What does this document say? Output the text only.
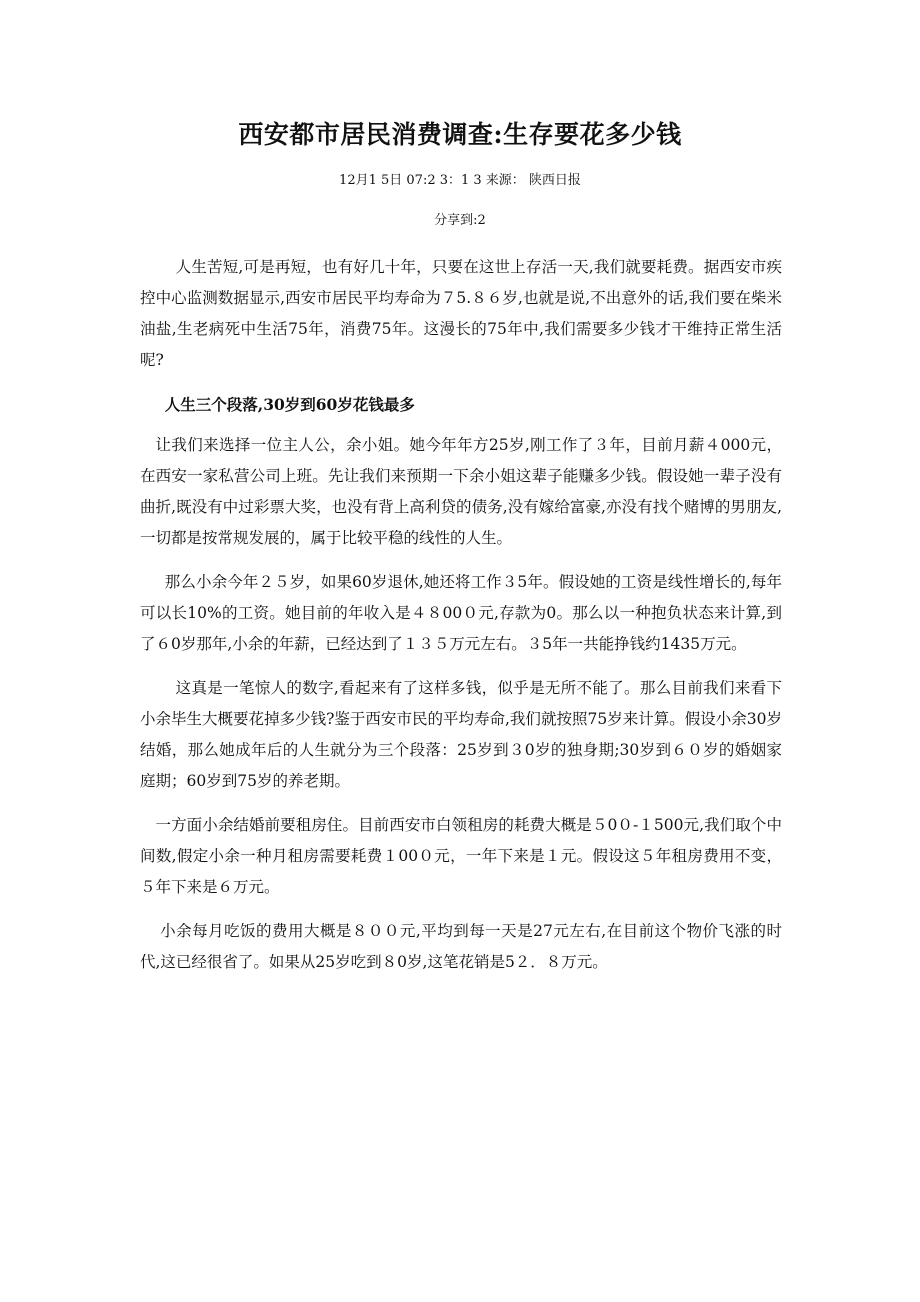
西安都市居民消费调查:生存要花多少钱
12月1 5日 07:2 3：1 3 来源： 陕西日报
分享到:2

人生苦短,可是再短，也有好几十年，只要在这世上存活一天,我们就要耗费。据西安市疾控中心监测数据显示,西安市居民平均寿命为７5.８６岁,也就是说,不出意外的话,我们要在柴米油盐,生老病死中生活75年，消费75年。这漫长的75年中,我们需要多少钱才干维持正常生活呢?

人生三个段落,30岁到60岁花钱最多

让我们来选择一位主人公，余小姐。她今年年方25岁,刚工作了３年，目前月薪４000元，在西安一家私营公司上班。先让我们来预期一下余小姐这辈子能赚多少钱。假设她一辈子没有曲折,既没有中过彩票大奖，也没有背上高利贷的债务,没有嫁给富豪,亦没有找个赌博的男朋友,一切都是按常规发展的，属于比较平稳的线性的人生。

那么小余今年２５岁，如果60岁退休,她还将工作３5年。假设她的工资是线性增长的,每年可以长10%的工资。她目前的年收入是４８00０元,存款为0。那么以一种抱负状态来计算,到了６0岁那年,小余的年薪，已经达到了１３５万元左右。３5年一共能挣钱约1435万元。

这真是一笔惊人的数字,看起来有了这样多钱，似乎是无所不能了。那么目前我们来看下小余毕生大概要花掉多少钱?鉴于西安市民的平均寿命,我们就按照75岁来计算。假设小余30岁结婚，那么她成年后的人生就分为三个段落：25岁到３0岁的独身期;30岁到６０岁的婚姻家庭期；60岁到75岁的养老期。

一方面小余结婚前要租房住。目前西安市白领租房的耗费大概是５0０-１500元,我们取个中间数,假定小余一种月租房需要耗费１00０元，一年下来是１元。假设这５年租房费用不变，５年下来是６万元。

小余每月吃饭的费用大概是８００元,平均到每一天是27元左右,在目前这个物价飞涨的时代,这已经很省了。如果从25岁吃到８0岁,这笔花销是5２．８万元。
